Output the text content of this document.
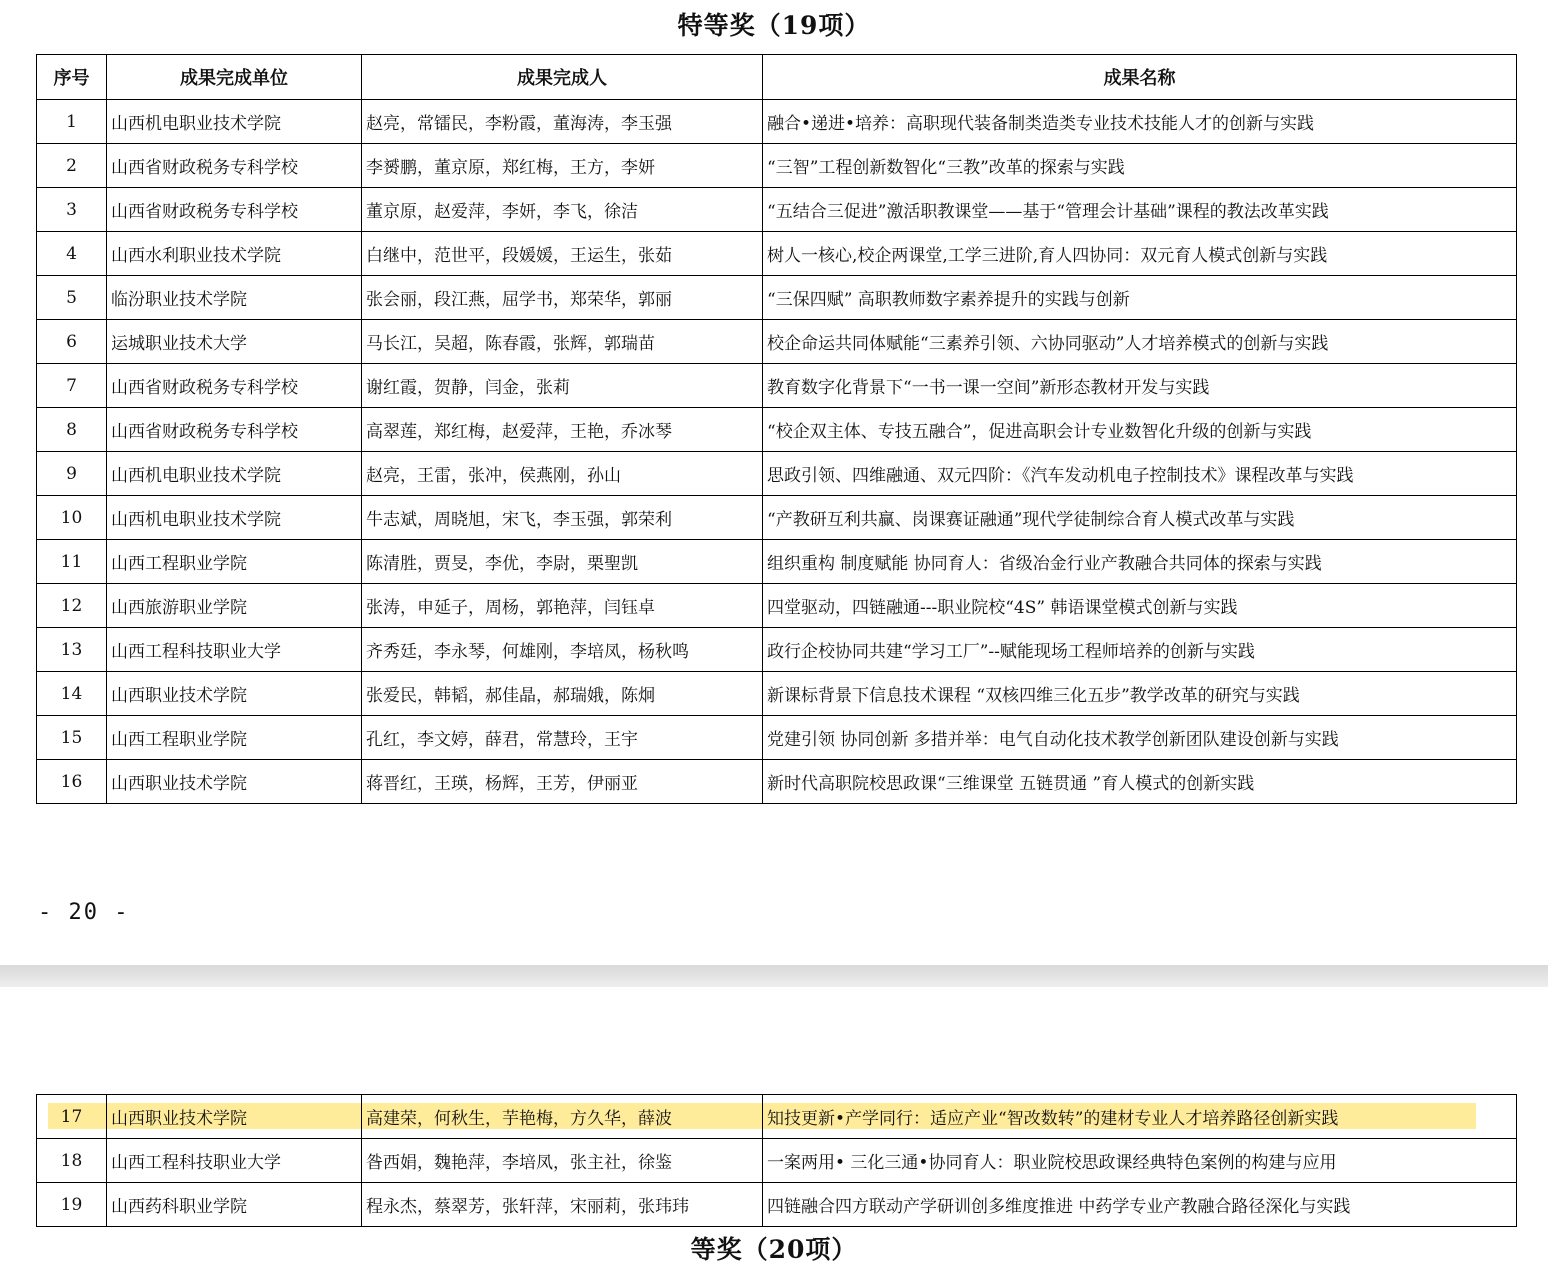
特等奖（19项）
序号	成果完成单位	成果完成人	成果名称
1	山西机电职业技术学院	赵亮，常镭民，李粉霞，董海涛，李玉强	融合•递进•培养：高职现代装备制类造类专业技术技能人才的创新与实践
2	山西省财政税务专科学校	李赟鹏，董京原，郑红梅，王方，李妍	“三智”工程创新数智化“三教”改革的探索与实践
3	山西省财政税务专科学校	董京原，赵爱萍，李妍，李飞，徐洁	“五结合三促进”激活职教课堂——基于“管理会计基础”课程的教法改革实践
4	山西水利职业技术学院	白继中，范世平，段媛媛，王运生，张茹	树人一核心,校企两课堂,工学三进阶,育人四协同：双元育人模式创新与实践
5	临汾职业技术学院	张会丽，段江燕，屈学书，郑荣华，郭丽	“三保四赋” 高职教师数字素养提升的实践与创新
6	运城职业技术大学	马长江，吴超，陈春霞，张辉，郭瑞苗	校企命运共同体赋能“三素养引领、六协同驱动”人才培养模式的创新与实践
7	山西省财政税务专科学校	谢红霞，贺静，闫金，张莉	教育数字化背景下“一书一课一空间”新形态教材开发与实践
8	山西省财政税务专科学校	高翠莲，郑红梅，赵爱萍，王艳，乔冰琴	“校企双主体、专技五融合”，促进高职会计专业数智化升级的创新与实践
9	山西机电职业技术学院	赵亮，王雷，张冲，侯燕刚，孙山	思政引领、四维融通、双元四阶：《汽车发动机电子控制技术》课程改革与实践
10	山西机电职业技术学院	牛志斌，周晓旭，宋飞，李玉强，郭荣利	“产教研互利共赢、岗课赛证融通”现代学徒制综合育人模式改革与实践
11	山西工程职业学院	陈清胜，贾旻，李优，李尉，栗聖凯	组织重构 制度赋能 协同育人：省级冶金行业产教融合共同体的探索与实践
12	山西旅游职业学院	张涛，申延子，周杨，郭艳萍，闫钰卓	四堂驱动，四链融通---职业院校“4S” 韩语课堂模式创新与实践
13	山西工程科技职业大学	齐秀廷，李永琴，何雄刚，李培凤，杨秋鸣	政行企校协同共建“学习工厂”--赋能现场工程师培养的创新与实践
14	山西职业技术学院	张爱民，韩韬，郝佳晶，郝瑞娥，陈炯	新课标背景下信息技术课程 “双核四维三化五步”教学改革的研究与实践
15	山西工程职业学院	孔红，李文婷，薛君，常慧玲，王宇	党建引领 协同创新 多措并举：电气自动化技术教学创新团队建设创新与实践
16	山西职业技术学院	蒋晋红，王瑛，杨辉，王芳，伊丽亚	新时代高职院校思政课“三维课堂 五链贯通 ”育人模式的创新实践
- 20 -
17	山西职业技术学院	高建荣，何秋生，芋艳梅，方久华，薛波	知技更新•产学同行：适应产业“智改数转”的建材专业人才培养路径创新实践
18	山西工程科技职业大学	昝西娟，魏艳萍，李培凤，张主社，徐鉴	一案两用• 三化三通•协同育人：职业院校思政课经典特色案例的构建与应用
19	山西药科职业学院	程永杰，蔡翠芳，张轩萍，宋丽莉，张玮玮	四链融合四方联动产学研训创多维度推进 中药学专业产教融合路径深化与实践
等奖（20项）
